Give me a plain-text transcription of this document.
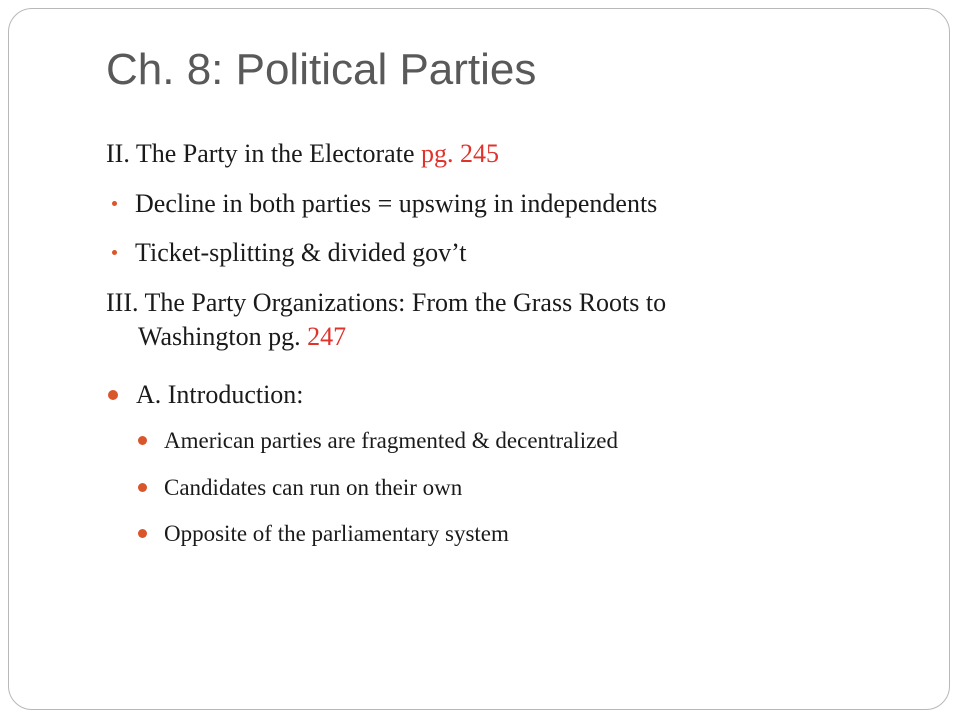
Ch. 8: Political Parties
II. The Party in the Electorate pg. 245
Decline in both parties = upswing in independents
Ticket-splitting & divided gov’t
III. The Party Organizations: From the Grass Roots to
Washington pg. 247
A. Introduction:
American parties are fragmented & decentralized
Candidates can run on their own
Opposite of the parliamentary system
